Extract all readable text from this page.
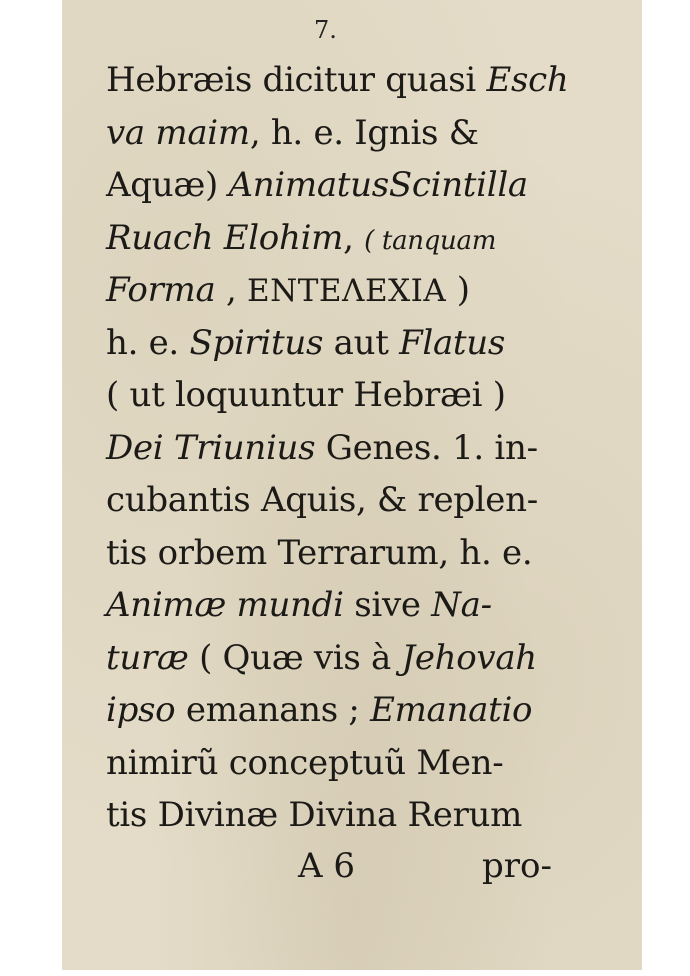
7.
Hebræis dicitur quasi Esch
va maim, h. e. Ignis &
Aquæ) AnimatusScintilla
Ruach Elohim, ( tanquam
Forma , ΕΝΤΕΛΕΧΙΑ )
h. e. Spiritus aut Flatus
( ut loquuntur Hebræi )
Dei Triunius Genes. 1. in-
cubantis Aquis, & replen-
tis orbem Terrarum, h. e.
Animæ mundi sive Na-
turæ ( Quæ vis à Jehovah
ipso emanans ; Emanatio
nimirũ conceptuũ Men-
tis Divinæ Divina Rerum
A 6	pro-
